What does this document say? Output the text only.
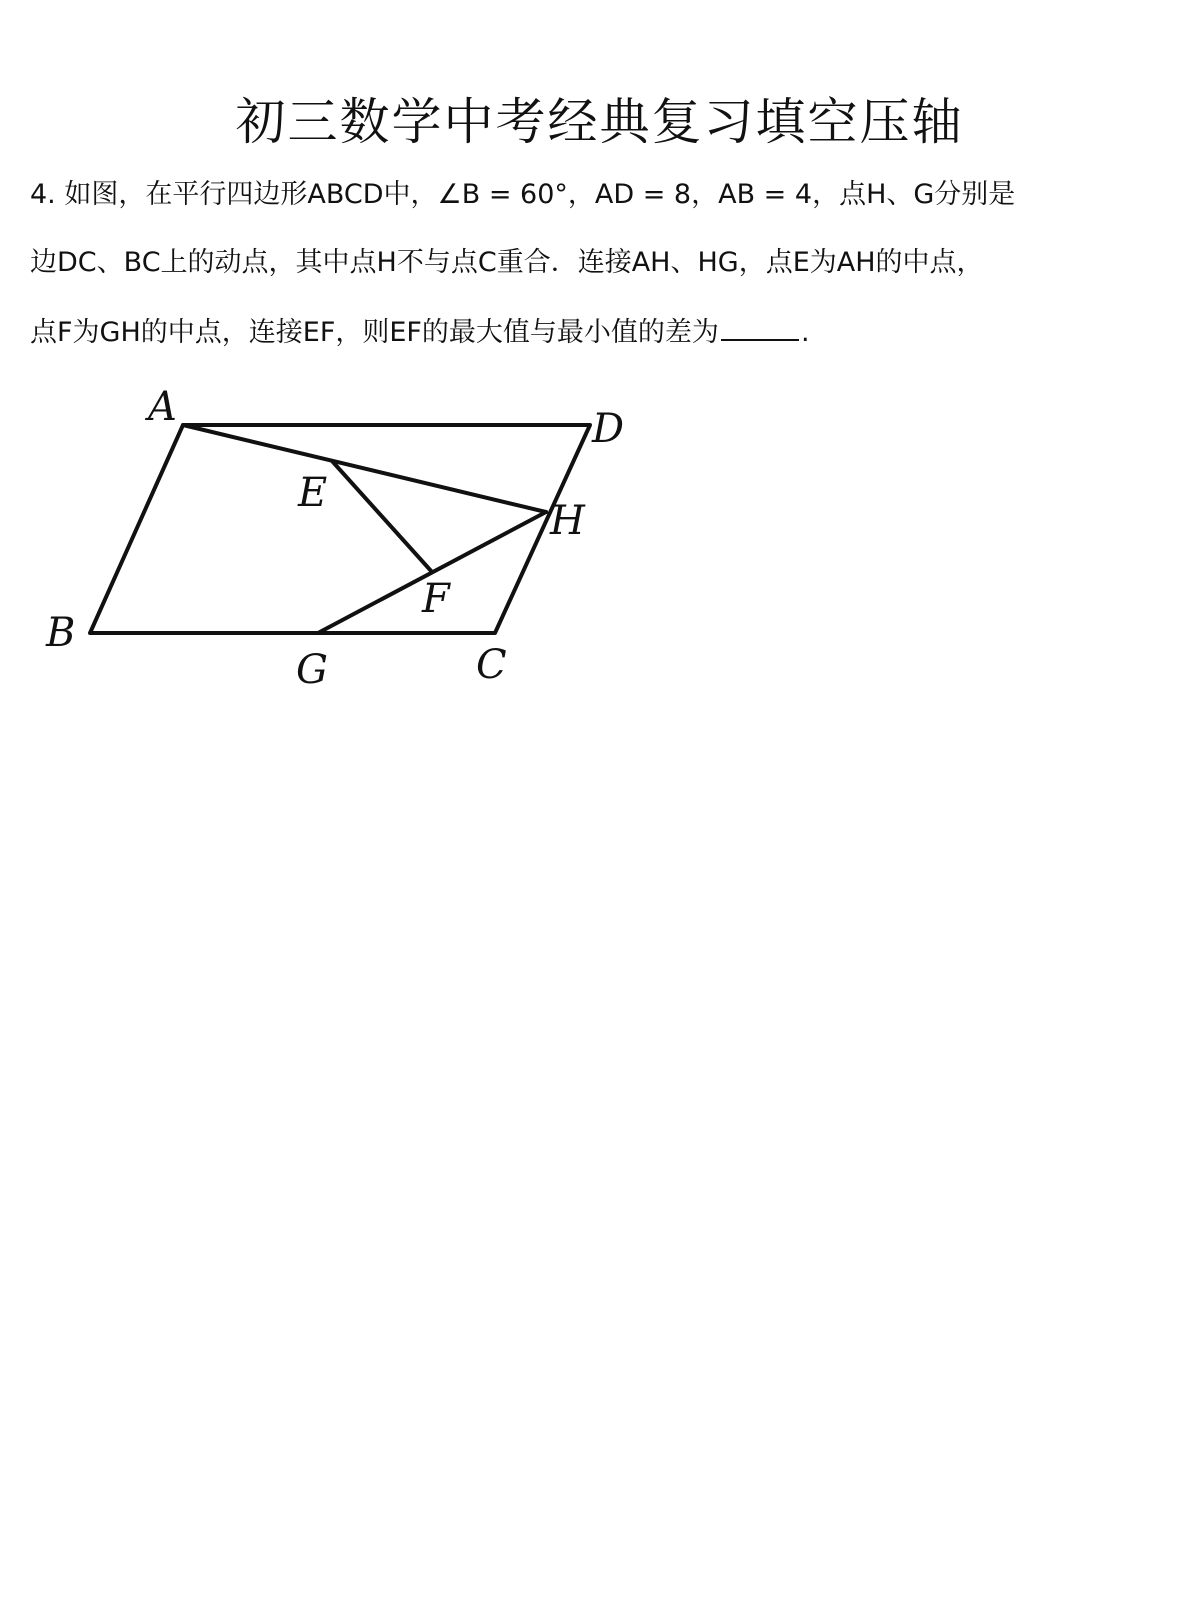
初三数学中考经典复习填空压轴
4. 如图，在平行四边形ABCD中，∠B = 60°，AD = 8，AB = 4，点H、G分别是
边DC、BC上的动点，其中点H不与点C重合．连接AH、HG，点E为AH的中点，
点F为GH的中点，连接EF，则EF的最大值与最小值的差为	.
A	D
E
H
F
B
G	C
